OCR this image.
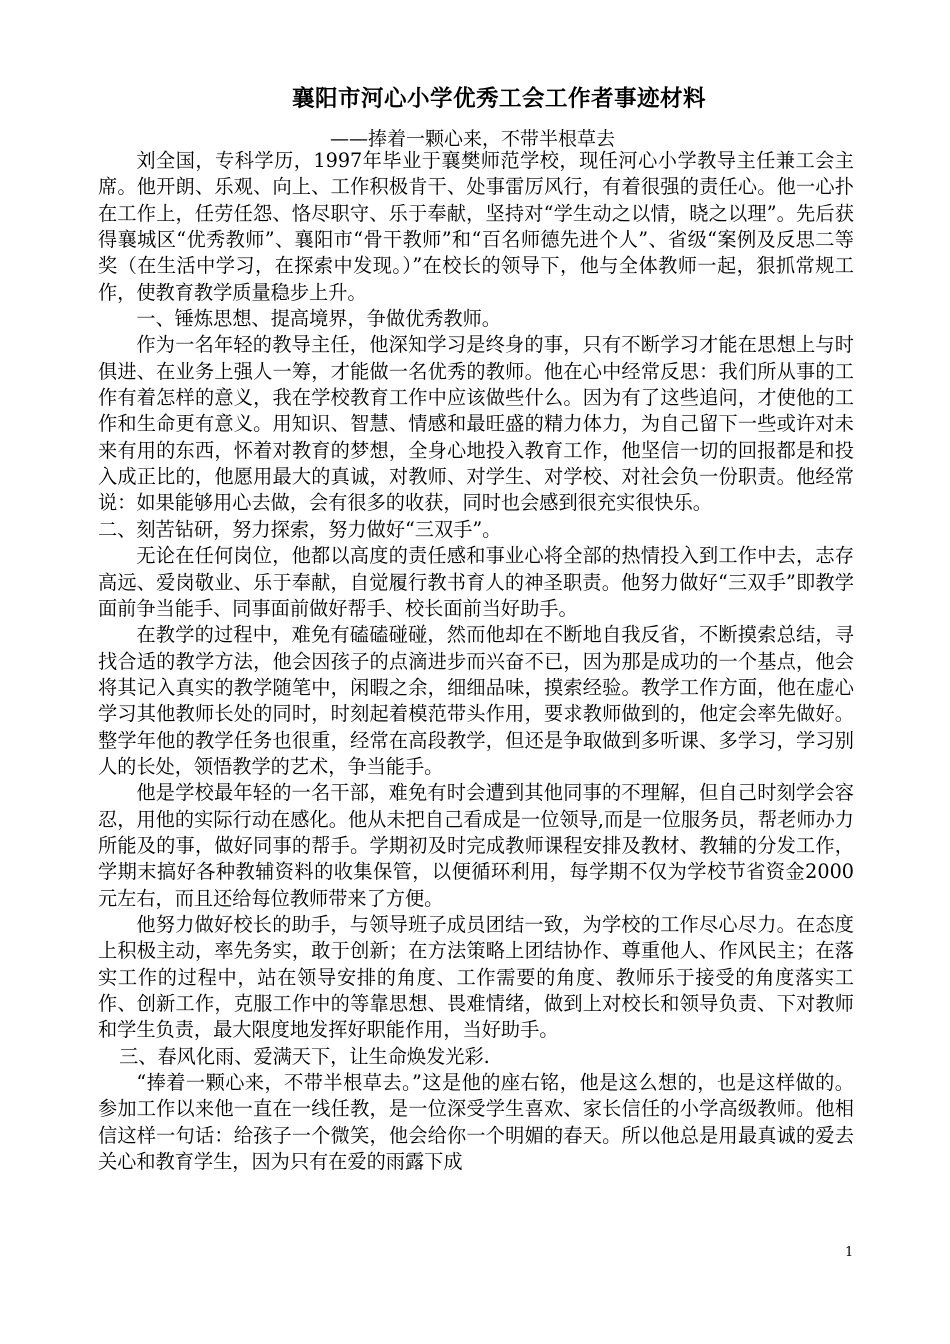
襄阳市河心小学优秀工会工作者事迹材料
——捧着一颗心来，不带半根草去

刘全国，专科学历，1997年毕业于襄樊师范学校，现任河心小学教导主任兼工会主席。他开朗、乐观、向上、工作积极肯干、处事雷厉风行，有着很强的责任心。他一心扑在工作上，任劳任怨、恪尽职守、乐于奉献，坚持对“学生动之以情，晓之以理”。先后获得襄城区“优秀教师”、襄阳市“骨干教师”和“百名师德先进个人”、省级“案例及反思二等奖（在生活中学习，在探索中发现。）”在校长的领导下，他与全体教师一起，狠抓常规工作，使教育教学质量稳步上升。

一、锤炼思想、提高境界，争做优秀教师。

作为一名年轻的教导主任，他深知学习是终身的事，只有不断学习才能在思想上与时俱进、在业务上强人一筹，才能做一名优秀的教师。他在心中经常反思：我们所从事的工作有着怎样的意义，我在学校教育工作中应该做些什么。因为有了这些追问，才使他的工作和生命更有意义。用知识、智慧、情感和最旺盛的精力体力，为自己留下一些或许对未来有用的东西，怀着对教育的梦想，全身心地投入教育工作，他坚信一切的回报都是和投入成正比的，他愿用最大的真诚，对教师、对学生、对学校、对社会负一份职责。他经常说：如果能够用心去做，会有很多的收获，同时也会感到很充实很快乐。

二、刻苦钻研，努力探索，努力做好“三双手”。

无论在任何岗位，他都以高度的责任感和事业心将全部的热情投入到工作中去，志存高远、爱岗敬业、乐于奉献，自觉履行教书育人的神圣职责。他努力做好“三双手”即教学面前争当能手、同事面前做好帮手、校长面前当好助手。

在教学的过程中，难免有磕磕碰碰，然而他却在不断地自我反省，不断摸索总结，寻找合适的教学方法，他会因孩子的点滴进步而兴奋不已，因为那是成功的一个基点，他会将其记入真实的教学随笔中，闲暇之余，细细品味，摸索经验。教学工作方面，他在虚心学习其他教师长处的同时，时刻起着模范带头作用，要求教师做到的，他定会率先做好。整学年他的教学任务也很重，经常在高段教学，但还是争取做到多听课、多学习，学习别人的长处，领悟教学的艺术，争当能手。

他是学校最年轻的一名干部，难免有时会遭到其他同事的不理解，但自己时刻学会容忍，用他的实际行动在感化。他从未把自己看成是一位领导,而是一位服务员，帮老师办力所能及的事，做好同事的帮手。学期初及时完成教师课程安排及教材、教辅的分发工作，学期末搞好各种教辅资料的收集保管，以便循环利用，每学期不仅为学校节省资金2000元左右，而且还给每位教师带来了方便。

他努力做好校长的助手，与领导班子成员团结一致，为学校的工作尽心尽力。在态度上积极主动，率先务实，敢于创新；在方法策略上团结协作、尊重他人、作风民主；在落实工作的过程中，站在领导安排的角度、工作需要的角度、教师乐于接受的角度落实工作、创新工作，克服工作中的等靠思想、畏难情绪，做到上对校长和领导负责、下对教师和学生负责，最大限度地发挥好职能作用，当好助手。

三、春风化雨、爱满天下，让生命焕发光彩.

“捧着一颗心来，不带半根草去。”这是他的座右铭，他是这么想的，也是这样做的。参加工作以来他一直在一线任教，是一位深受学生喜欢、家长信任的小学高级教师。他相信这样一句话：给孩子一个微笑，他会给你一个明媚的春天。所以他总是用最真诚的爱去关心和教育学生，因为只有在爱的雨露下成

1
